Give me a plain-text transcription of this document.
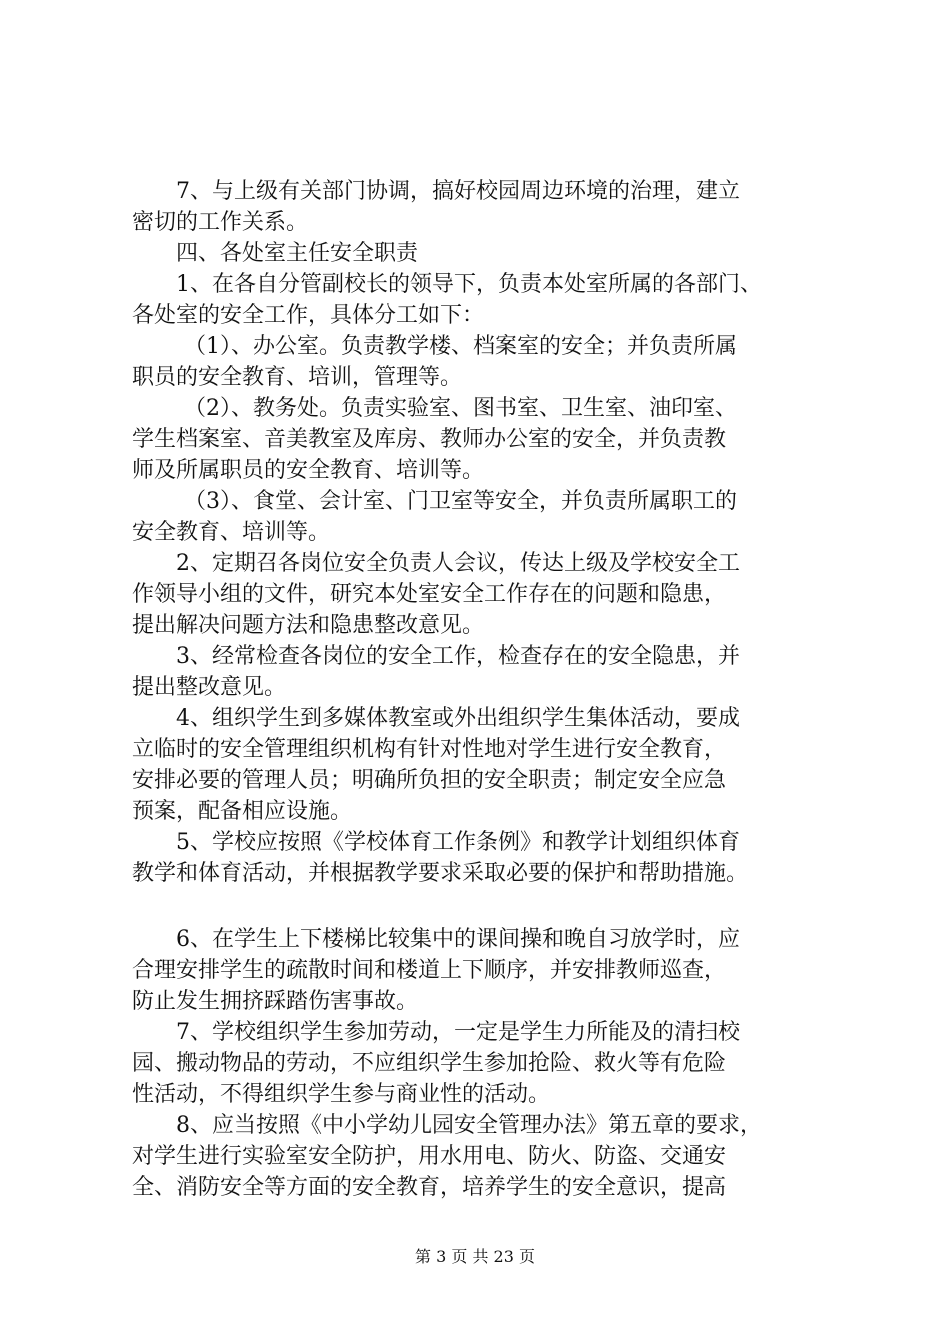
7、与上级有关部门协调，搞好校园周边环境的治理，建立
密切的工作关系。
四、各处室主任安全职责
1、在各自分管副校长的领导下，负责本处室所属的各部门、
各处室的安全工作，具体分工如下：
（1）、办公室。负责教学楼、档案室的安全；并负责所属
职员的安全教育、培训，管理等。
（2）、教务处。负责实验室、图书室、卫生室、油印室、
学生档案室、音美教室及库房、教师办公室的安全，并负责教
师及所属职员的安全教育、培训等。
（3）、食堂、会计室、门卫室等安全，并负责所属职工的
安全教育、培训等。
2、定期召各岗位安全负责人会议，传达上级及学校安全工
作领导小组的文件，研究本处室安全工作存在的问题和隐患，
提出解决问题方法和隐患整改意见。
3、经常检查各岗位的安全工作，检查存在的安全隐患，并
提出整改意见。
4、组织学生到多媒体教室或外出组织学生集体活动，要成
立临时的安全管理组织机构有针对性地对学生进行安全教育，
安排必要的管理人员；明确所负担的安全职责；制定安全应急
预案，配备相应设施。
5、学校应按照《学校体育工作条例》和教学计划组织体育
教学和体育活动，并根据教学要求采取必要的保护和帮助措施。
6、在学生上下楼梯比较集中的课间操和晚自习放学时，应
合理安排学生的疏散时间和楼道上下顺序，并安排教师巡查，
防止发生拥挤踩踏伤害事故。
7、学校组织学生参加劳动，一定是学生力所能及的清扫校
园、搬动物品的劳动，不应组织学生参加抢险、救火等有危险
性活动，不得组织学生参与商业性的活动。
8、应当按照《中小学幼儿园安全管理办法》第五章的要求，
对学生进行实验室安全防护，用水用电、防火、防盗、交通安
全、消防安全等方面的安全教育，培养学生的安全意识，提高
第 3 页 共 23 页
